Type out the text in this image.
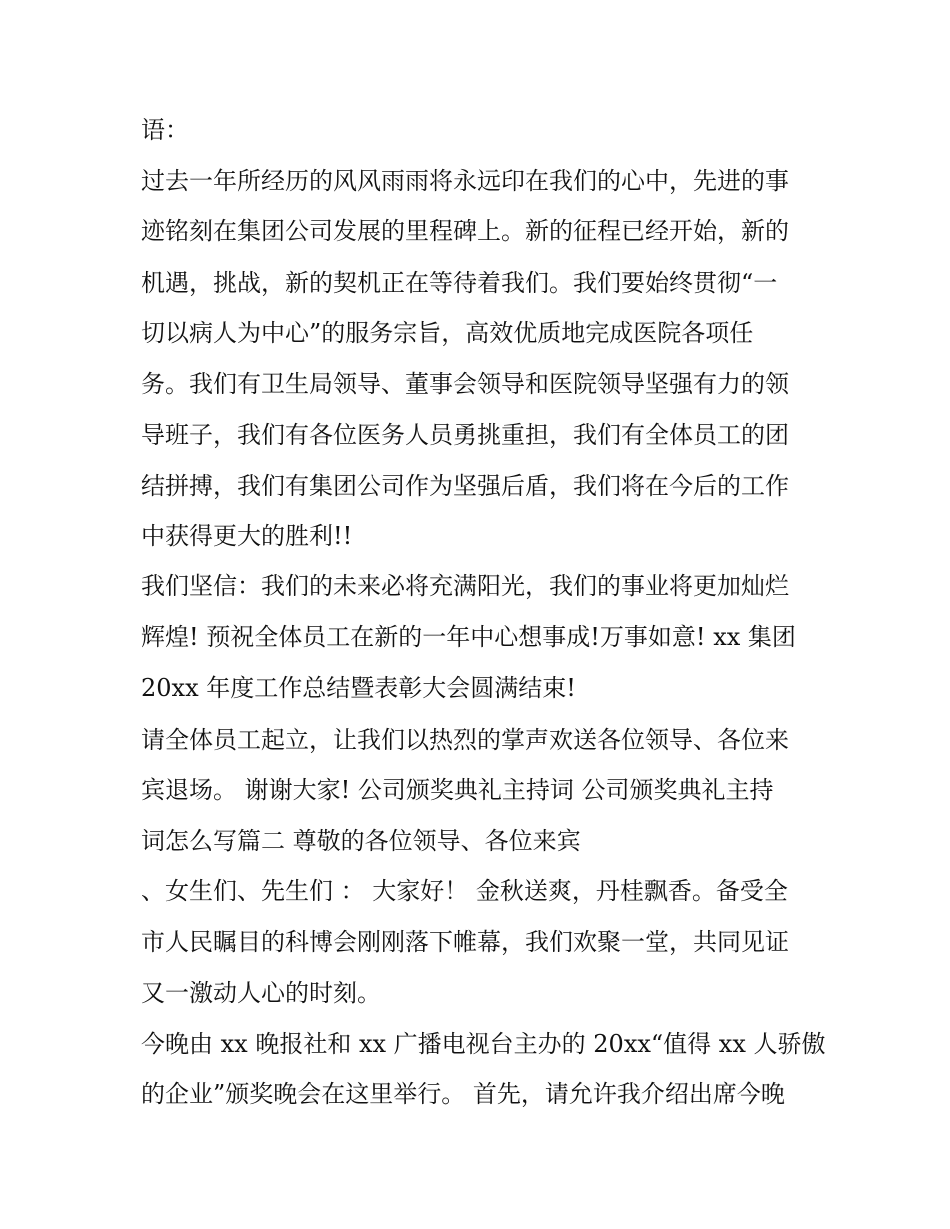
语：

过去一年所经历的风风雨雨将永远印在我们的心中，先进的事

迹铭刻在集团公司发展的里程碑上。新的征程已经开始，新的

机遇，挑战，新的契机正在等待着我们。我们要始终贯彻“一

切以病人为中心”的服务宗旨，高效优质地完成医院各项任

务。我们有卫生局领导、董事会领导和医院领导坚强有力的领

导班子，我们有各位医务人员勇挑重担，我们有全体员工的团

结拼搏，我们有集团公司作为坚强后盾，我们将在今后的工作

中获得更大的胜利!!

我们坚信：我们的未来必将充满阳光，我们的事业将更加灿烂

辉煌! 预祝全体员工在新的一年中心想事成!万事如意! xx 集团

20xx 年度工作总结暨表彰大会圆满结束!

请全体员工起立，让我们以热烈的掌声欢送各位领导、各位来

宾退场。 谢谢大家! 公司颁奖典礼主持词 公司颁奖典礼主持

词怎么写篇二 尊敬的各位领导、各位来宾

、女生们、先生们 ： 大家好！ 金秋送爽，丹桂飘香。备受全

市人民瞩目的科博会刚刚落下帷幕，我们欢聚一堂，共同见证

又一激动人心的时刻。

今晚由 xx 晚报社和 xx 广播电视台主办的 20xx“值得 xx 人骄傲

的企业”颁奖晚会在这里举行。 首先，请允许我介绍出席今晚
